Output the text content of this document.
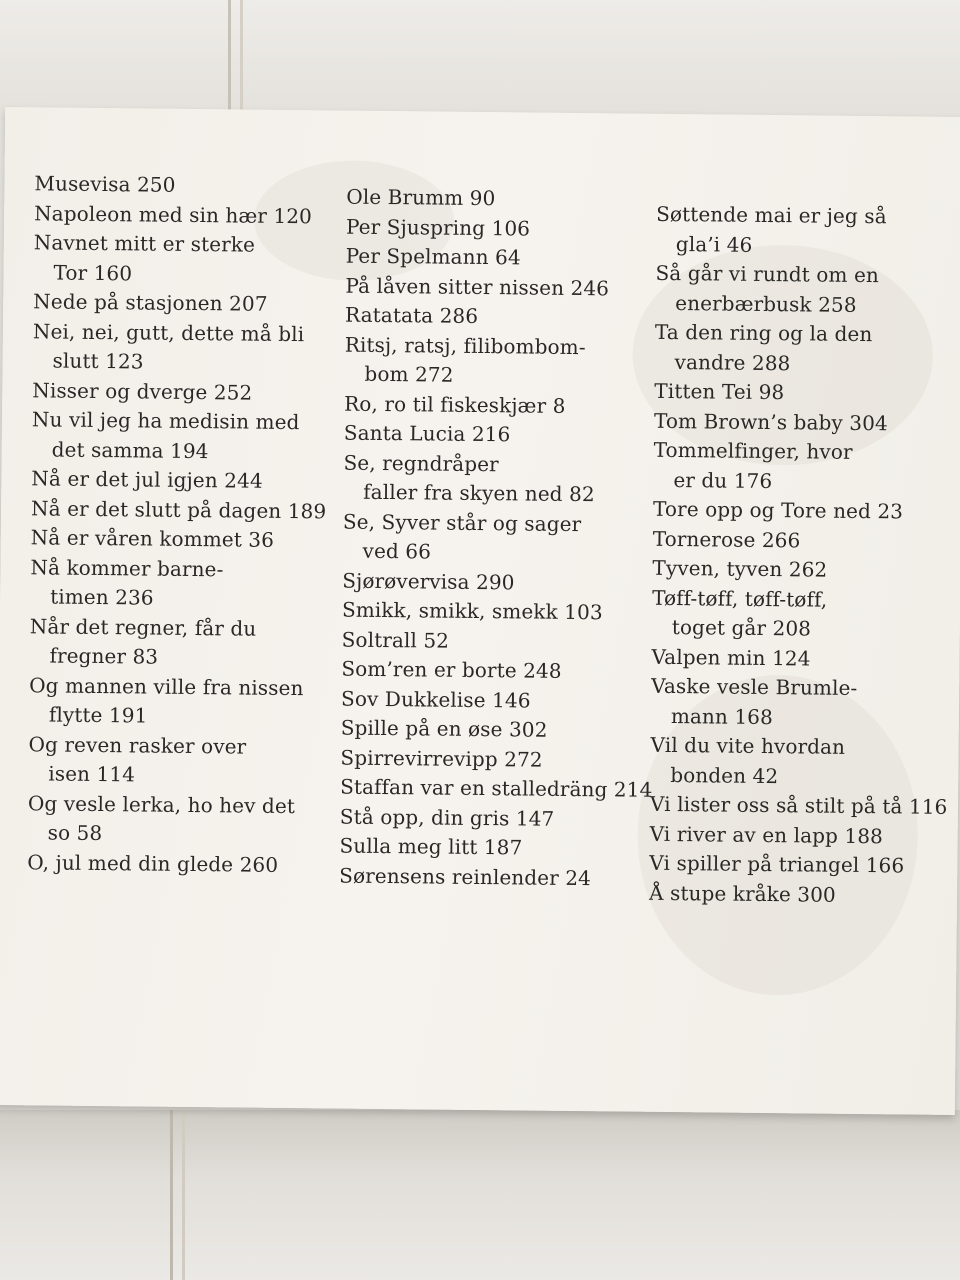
Musevisa 250
Napoleon med sin hær 120
Navnet mitt er sterke
Tor 160
Nede på stasjonen 207
Nei, nei, gutt, dette må bli
slutt 123
Nisser og dverge 252
Nu vil jeg ha medisin med
det samma 194
Nå er det jul igjen 244
Nå er det slutt på dagen 189
Nå er våren kommet 36
Nå kommer barne-
timen 236
Når det regner, får du
fregner 83
Og mannen ville fra nissen
flytte 191
Og reven rasker over
isen 114
Og vesle lerka, ho hev det
so 58
O, jul med din glede 260
Ole Brumm 90
Per Sjuspring 106
Per Spelmann 64
På låven sitter nissen 246
Ratatata 286
Ritsj, ratsj, filibombom-
bom 272
Ro, ro til fiskeskjær 8
Santa Lucia 216
Se, regndråper
faller fra skyen ned 82
Se, Syver står og sager
ved 66
Sjørøvervisa 290
Smikk, smikk, smekk 103
Soltrall 52
Som’ren er borte 248
Sov Dukkelise 146
Spille på en øse 302
Spirrevirrevipp 272
Staffan var en stalledräng 214
Stå opp, din gris 147
Sulla meg litt 187
Sørensens reinlender 24
Søttende mai er jeg så
gla’i 46
Så går vi rundt om en
enerbærbusk 258
Ta den ring og la den
vandre 288
Titten Tei 98
Tom Brown’s baby 304
Tommelfinger, hvor
er du 176
Tore opp og Tore ned 23
Tornerose 266
Tyven, tyven 262
Tøff-tøff, tøff-tøff,
toget går 208
Valpen min 124
Vaske vesle Brumle-
mann 168
Vil du vite hvordan
bonden 42
Vi lister oss så stilt på tå 116
Vi river av en lapp 188
Vi spiller på triangel 166
Å stupe kråke 300
